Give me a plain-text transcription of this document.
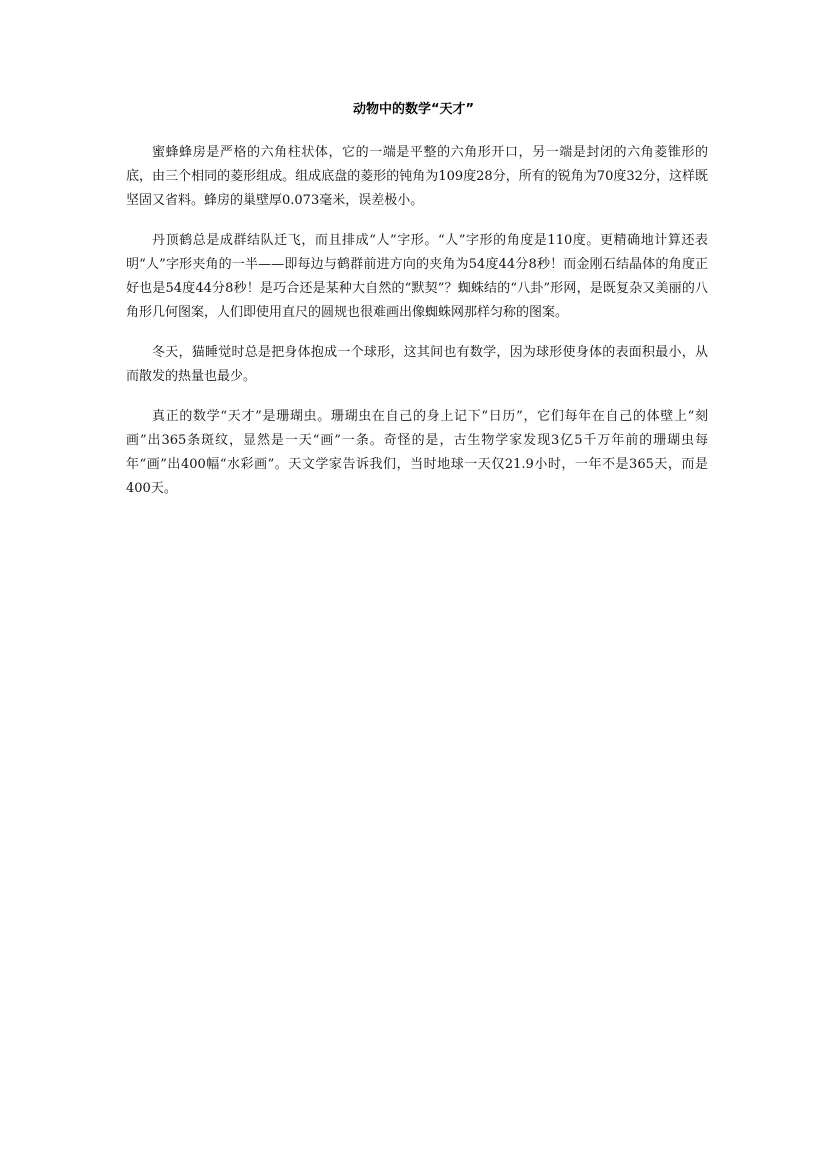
动物中的数学“天才”

蜜蜂蜂房是严格的六角柱状体，它的一端是平整的六角形开口，另一端是封闭的六角菱锥形的底，由三个相同的菱形组成。组成底盘的菱形的钝角为109度28分，所有的锐角为70度32分，这样既坚固又省料。蜂房的巢壁厚0.073毫米，误差极小。

丹顶鹤总是成群结队迁飞，而且排成“人”字形。“人”字形的角度是110度。更精确地计算还表明“人”字形夹角的一半——即每边与鹤群前进方向的夹角为54度44分8秒！而金刚石结晶体的角度正好也是54度44分8秒！是巧合还是某种大自然的“默契”？蜘蛛结的“八卦”形网，是既复杂又美丽的八角形几何图案，人们即使用直尺的圆规也很难画出像蜘蛛网那样匀称的图案。

冬天，猫睡觉时总是把身体抱成一个球形，这其间也有数学，因为球形使身体的表面积最小，从而散发的热量也最少。

真正的数学“天才”是珊瑚虫。珊瑚虫在自己的身上记下“日历”，它们每年在自己的体壁上“刻画”出365条斑纹，显然是一天“画”一条。奇怪的是，古生物学家发现3亿5千万年前的珊瑚虫每年“画”出400幅“水彩画”。天文学家告诉我们，当时地球一天仅21.9小时，一年不是365天，而是400天。
